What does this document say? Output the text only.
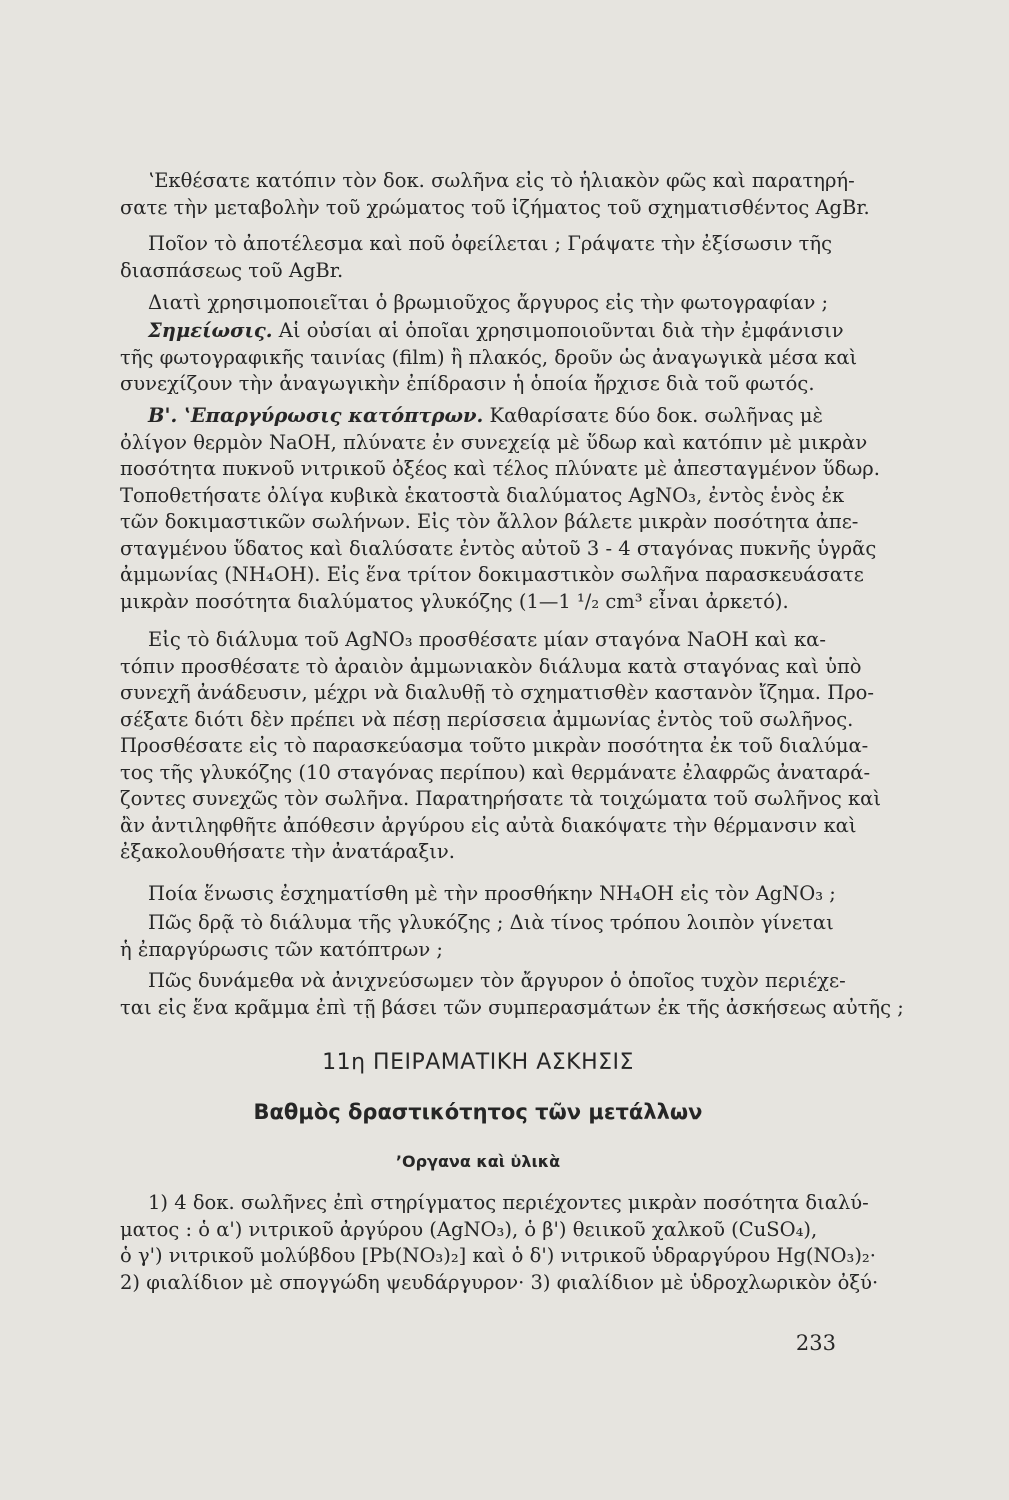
ʽΕκθέσατε κατόπιν τὸν δοκ. σωλῆνα εἰς τὸ ἡλιακὸν φῶς καὶ παρατηρή-
σατε τὴν μεταβολὴν τοῦ χρώματος τοῦ ἰζήματος τοῦ σχηματισθέντος AgBr.
Ποῖον τὸ ἀποτέλεσμα καὶ ποῦ ὀφείλεται ; Γράψατε τὴν ἐξίσωσιν τῆς
διασπάσεως τοῦ AgBr.
Διατὶ χρησιμοποιεῖται ὁ βρωμιοῦχος ἄργυρος εἰς τὴν φωτογραφίαν ;
Σημείωσις. Αἱ οὐσίαι αἱ ὁποῖαι χρησιμοποιοῦνται διὰ τὴν ἐμφάνισιν
τῆς φωτογραφικῆς ταινίας (film) ἢ πλακός, δροῦν ὡς ἀναγωγικὰ μέσα καὶ
συνεχίζουν τὴν ἀναγωγικὴν ἐπίδρασιν ἡ ὁποία ἤρχισε διὰ τοῦ φωτός.
Β'. ʽΕπαργύρωσις κατόπτρων. Καθαρίσατε δύο δοκ. σωλῆνας μὲ
ὀλίγον θερμὸν NaOH, πλύνατε ἐν συνεχείᾳ μὲ ὕδωρ καὶ κατόπιν μὲ μικρὰν
ποσότητα πυκνοῦ νιτρικοῦ ὀξέος καὶ τέλος πλύνατε μὲ ἀπεσταγμένον ὕδωρ.
Τοποθετήσατε ὀλίγα κυβικὰ ἑκατοστὰ διαλύματος AgNO₃, ἐντὸς ἑνὸς ἐκ
τῶν δοκιμαστικῶν σωλήνων. Εἰς τὸν ἄλλον βάλετε μικρὰν ποσότητα ἀπε-
σταγμένου ὕδατος καὶ διαλύσατε ἐντὸς αὐτοῦ 3 - 4 σταγόνας πυκνῆς ὑγρᾶς
ἀμμωνίας (NH₄OH). Εἰς ἕνα τρίτον δοκιμαστικὸν σωλῆνα παρασκευάσατε
μικρὰν ποσότητα διαλύματος γλυκόζης (1—1 ¹/₂ cm³ εἶναι ἀρκετό).
Εἰς τὸ διάλυμα τοῦ AgNO₃ προσθέσατε μίαν σταγόνα NaOH καὶ κα-
τόπιν προσθέσατε τὸ ἀραιὸν ἀμμωνιακὸν διάλυμα κατὰ σταγόνας καὶ ὑπὸ
συνεχῆ ἀνάδευσιν, μέχρι νὰ διαλυθῇ τὸ σχηματισθὲν καστανὸν ἴζημα. Προ-
σέξατε διότι δὲν πρέπει νὰ πέσῃ περίσσεια ἀμμωνίας ἐντὸς τοῦ σωλῆνος.
Προσθέσατε εἰς τὸ παρασκεύασμα τοῦτο μικρὰν ποσότητα ἐκ τοῦ διαλύμα-
τος τῆς γλυκόζης (10 σταγόνας περίπου) καὶ θερμάνατε ἐλαφρῶς ἀναταρά-
ζοντες συνεχῶς τὸν σωλῆνα. Παρατηρήσατε τὰ τοιχώματα τοῦ σωλῆνος καὶ
ἂν ἀντιληφθῆτε ἀπόθεσιν ἀργύρου εἰς αὐτὰ διακόψατε τὴν θέρμανσιν καὶ
ἐξακολουθήσατε τὴν ἀνατάραξιν.
Ποία ἕνωσις ἐσχηματίσθη μὲ τὴν προσθήκην NH₄OH εἰς τὸν AgNO₃ ;
Πῶς δρᾷ τὸ διάλυμα τῆς γλυκόζης ; Διὰ τίνος τρόπου λοιπὸν γίνεται
ἡ ἐπαργύρωσις τῶν κατόπτρων ;
Πῶς δυνάμεθα νὰ ἀνιχνεύσωμεν τὸν ἄργυρον ὁ ὁποῖος τυχὸν περιέχε-
ται εἰς ἕνα κρᾶμμα ἐπὶ τῇ βάσει τῶν συμπερασμάτων ἐκ τῆς ἀσκήσεως αὐτῆς ;
11η ΠΕΙΡΑΜΑΤΙΚΗ ΑΣΚΗΣΙΣ
Βαθμὸς δραστικότητος τῶν μετάλλων
ʼΟργανα καὶ ὑλικὰ
1) 4 δοκ. σωλῆνες ἐπὶ στηρίγματος περιέχοντες μικρὰν ποσότητα διαλύ-
ματος : ὁ α') νιτρικοῦ ἀργύρου (AgNO₃), ὁ β') θειικοῦ χαλκοῦ (CuSO₄),
ὁ γ') νιτρικοῦ μολύβδου [Pb(NO₃)₂] καὶ ὁ δ') νιτρικοῦ ὑδραργύρου Hg(NO₃)₂·
2) φιαλίδιον μὲ σπογγώδη ψευδάργυρον· 3) φιαλίδιον μὲ ὑδροχλωρικὸν ὀξύ·
233
